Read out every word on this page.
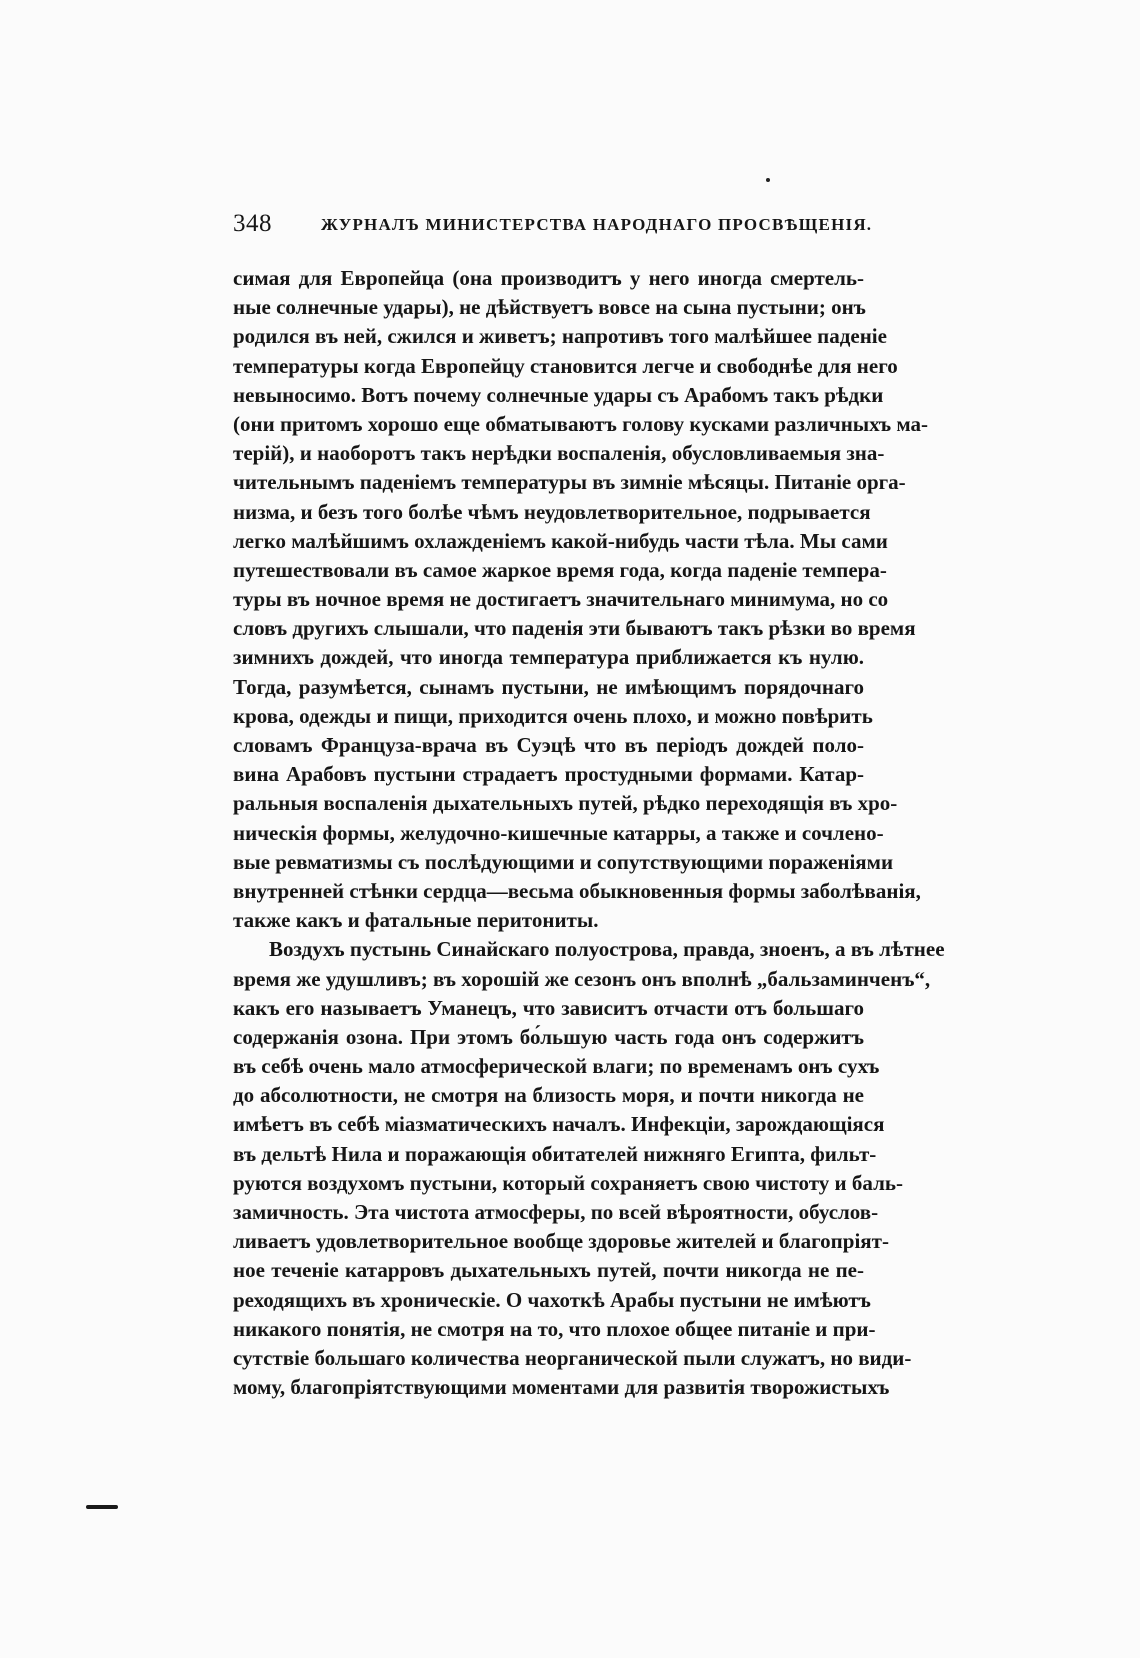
348	ЖУРНАЛЪ МИНИСТЕРСТВА НАРОДНАГО ПРОСВѢЩЕНІЯ.
симая для Европейца (она производитъ у него иногда смертель-
ные солнечные удары), не дѣйствуетъ вовсе на сына пустыни; онъ
родился въ ней, сжился и живетъ; напротивъ того малѣйшее паденіе
температуры когда Европейцу становится легче и свободнѣе для него
невыносимо. Вотъ почему солнечные удары съ Арабомъ такъ рѣдки
(они притомъ хорошо еще обматываютъ голову кусками различныхъ ма-
терій), и наоборотъ такъ нерѣдки воспаленія, обусловливаемыя зна-
чительнымъ паденіемъ температуры въ зимніе мѣсяцы. Питаніе орга-
низма, и безъ того болѣе чѣмъ неудовлетворительное, подрывается
легко малѣйшимъ охлажденіемъ какой-нибудь части тѣла. Мы сами
путешествовали въ самое жаркое время года, когда паденіе темпера-
туры въ ночное время не достигаетъ значительнаго минимума, но со
словъ другихъ слышали, что паденія эти бываютъ такъ рѣзки во время
зимнихъ дождей, что иногда температура приближается къ нулю.
Тогда, разумѣется, сынамъ пустыни, не имѣющимъ порядочнаго
крова, одежды и пищи, приходится очень плохо, и можно повѣрить
словамъ Француза-врача въ Суэцѣ что въ періодъ дождей поло-
вина Арабовъ пустыни страдаетъ простудными формами. Катар-
ральныя воспаленія дыхательныхъ путей, рѣдко переходящія въ хро-
ническія формы, желудочно-кишечные катарры, а также и сочлено-
вые ревматизмы съ послѣдующими и сопутствующими пораженіями
внутренней стѣнки сердца—весьма обыкновенныя формы заболѣванія,
также какъ и фатальные перитониты.
Воздухъ пустынь Синайскаго полуострова, правда, зноенъ, а въ лѣтнее
время же удушливъ; въ хорошій же сезонъ онъ вполнѣ „бальзаминченъ“,
какъ его называетъ Уманецъ, что зависитъ отчасти отъ большаго
содержанія озона. При этомъ бо́льшую часть года онъ содержитъ
въ себѣ очень мало атмосферической влаги; по временамъ онъ сухъ
до абсолютности, не смотря на близость моря, и почти никогда не
имѣетъ въ себѣ міазматическихъ началъ. Инфекціи, зарождающіяся
въ дельтѣ Нила и поражающія обитателей нижняго Египта, фильт-
руются воздухомъ пустыни, который сохраняетъ свою чистоту и баль-
замичность. Эта чистота атмосферы, по всей вѣроятности, обуслов-
ливаетъ удовлетворительное вообще здоровье жителей и благопріят-
ное теченіе катарровъ дыхательныхъ путей, почти никогда не пе-
реходящихъ въ хроническіе. О чахоткѣ Арабы пустыни не имѣютъ
никакого понятія, не смотря на то, что плохое общее питаніе и при-
сутствіе большаго количества неорганической пыли служатъ, но види-
мому, благопріятствующими моментами для развитія творожистыхъ
